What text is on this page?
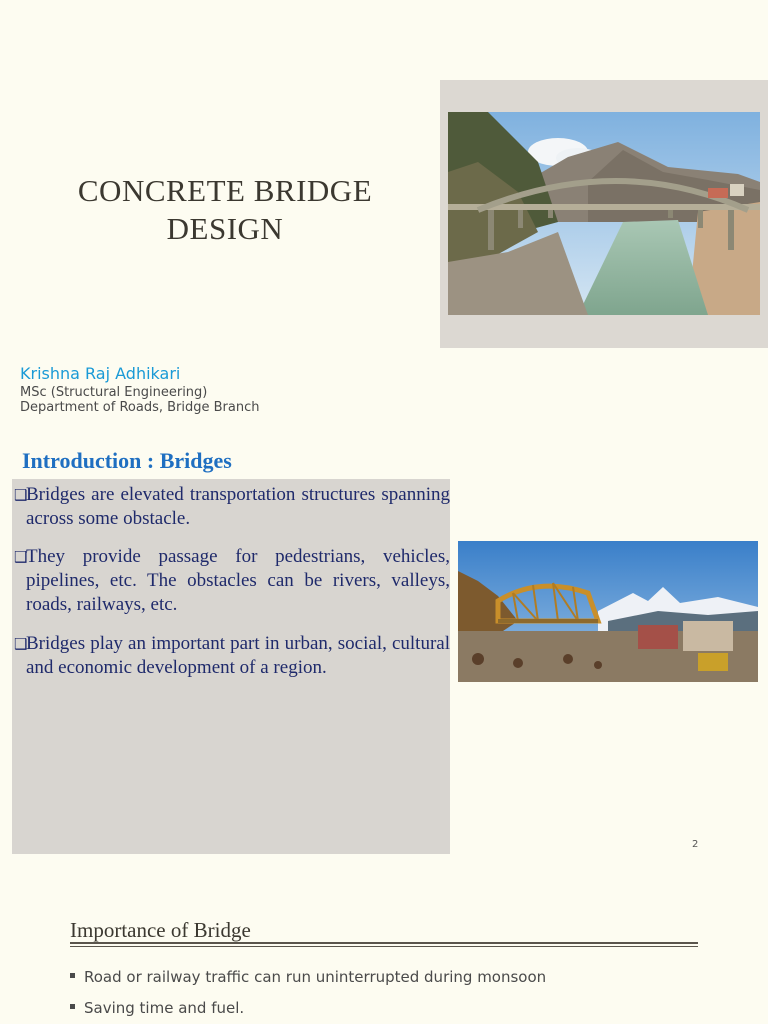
CONCRETE BRIDGE
DESIGN
Krishna Raj Adhikari
MSc (Structural Engineering)
Department of Roads, Bridge Branch
Introduction : Bridges
❑
Bridges are elevated transportation structures spanning across some obstacle.
❑
They provide passage for pedestrians, vehicles, pipelines, etc. The obstacles can be rivers, valleys, roads, railways, etc.
❑
Bridges play an important part in urban, social, cultural and economic development of a region.
2
Importance of Bridge
Road or railway traffic can run uninterrupted during monsoon
Saving time and fuel.
